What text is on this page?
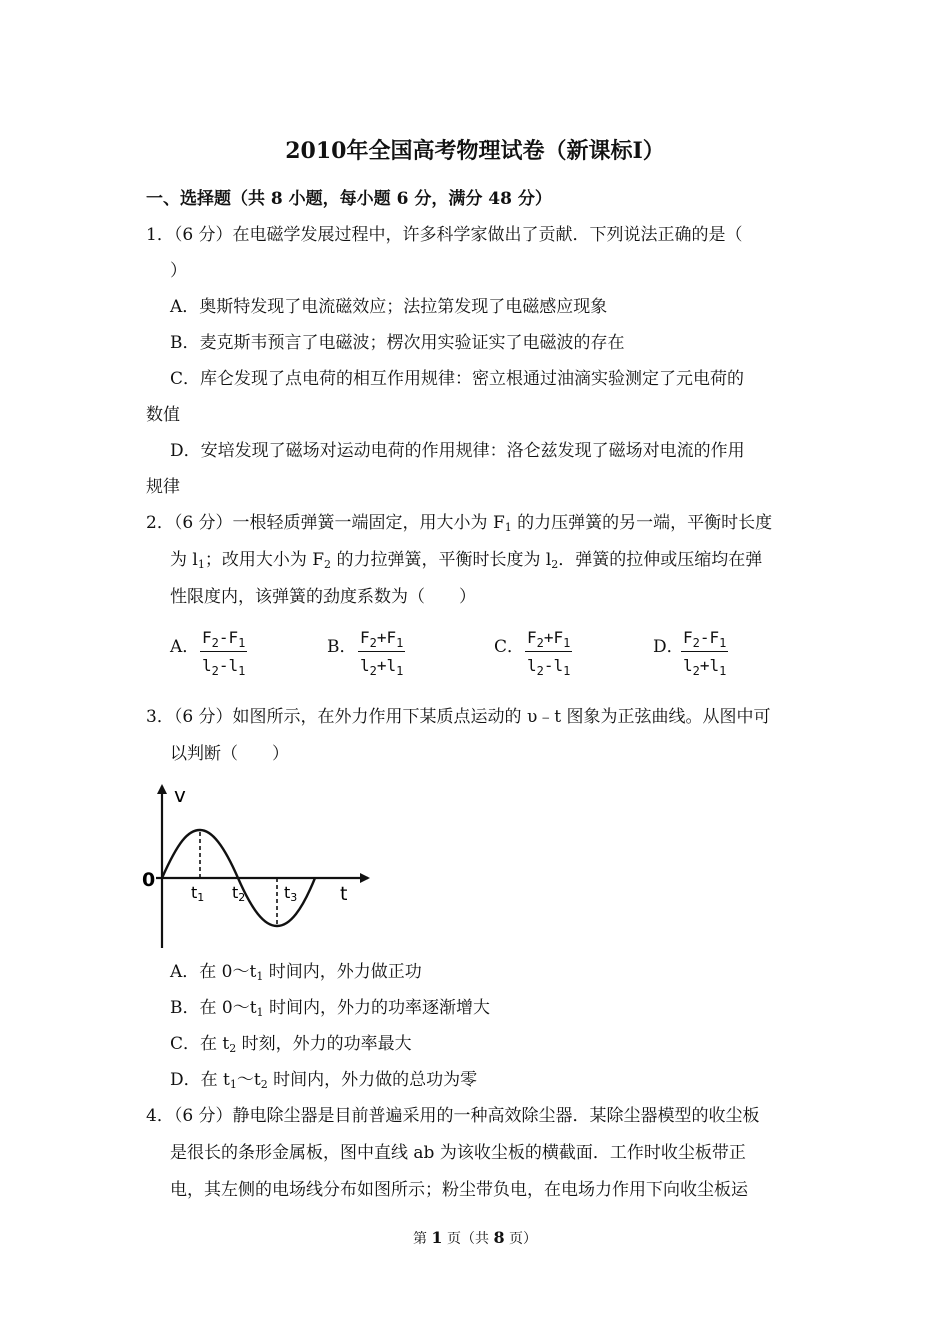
2010年全国高考物理试卷（新课标Ⅰ）
一、选择题（共 8 小题，每小题 6 分，满分 48 分）
1．（6 分）在电磁学发展过程中，许多科学家做出了贡献．下列说法正确的是（
）
A．奥斯特发现了电流磁效应；法拉第发现了电磁感应现象
B．麦克斯韦预言了电磁波；楞次用实验证实了电磁波的存在
C．库仑发现了点电荷的相互作用规律：密立根通过油滴实验测定了元电荷的
数值
D．安培发现了磁场对运动电荷的作用规律：洛仑兹发现了磁场对电流的作用
规律
2．（6 分）一根轻质弹簧一端固定，用大小为 $F_1$ 的力压弹簧的另一端，平衡时长度
为 $l_1$；改用大小为 $F_2$ 的力拉弹簧，平衡时长度为 $l_2$．弹簧的拉伸或压缩均在弹
性限度内，该弹簧的劲度系数为（　　）
A． $\frac{F_2-F_1}{l_2-l_1}$	B． $\frac{F_2+F_1}{l_2+l_1}$	C． $\frac{F_2+F_1}{l_2-l_1}$	D．
$\frac{F_2-F_1}{l_2+l_1}$
3．（6 分）如图所示，在外力作用下某质点运动的 υ﹣t 图象为正弦曲线。从图中可
以判断（　　）
v
0
t
t1 t2 t3
A．在 $0\sim t_1$ 时间内，外力做正功
B．在 $0\sim t_1$ 时间内，外力的功率逐渐增大
C．在 $t_2$ 时刻，外力的功率最大
D．在 $t_1\sim t_2$ 时间内，外力做的总功为零
4．（6 分）静电除尘器是目前普遍采用的一种高效除尘器．某除尘器模型的收尘板
是很长的条形金属板，图中直线 ab 为该收尘板的横截面．工作时收尘板带正
电，其左侧的电场线分布如图所示；粉尘带负电，在电场力作用下向收尘板运
第 1 页（共 8 页）
